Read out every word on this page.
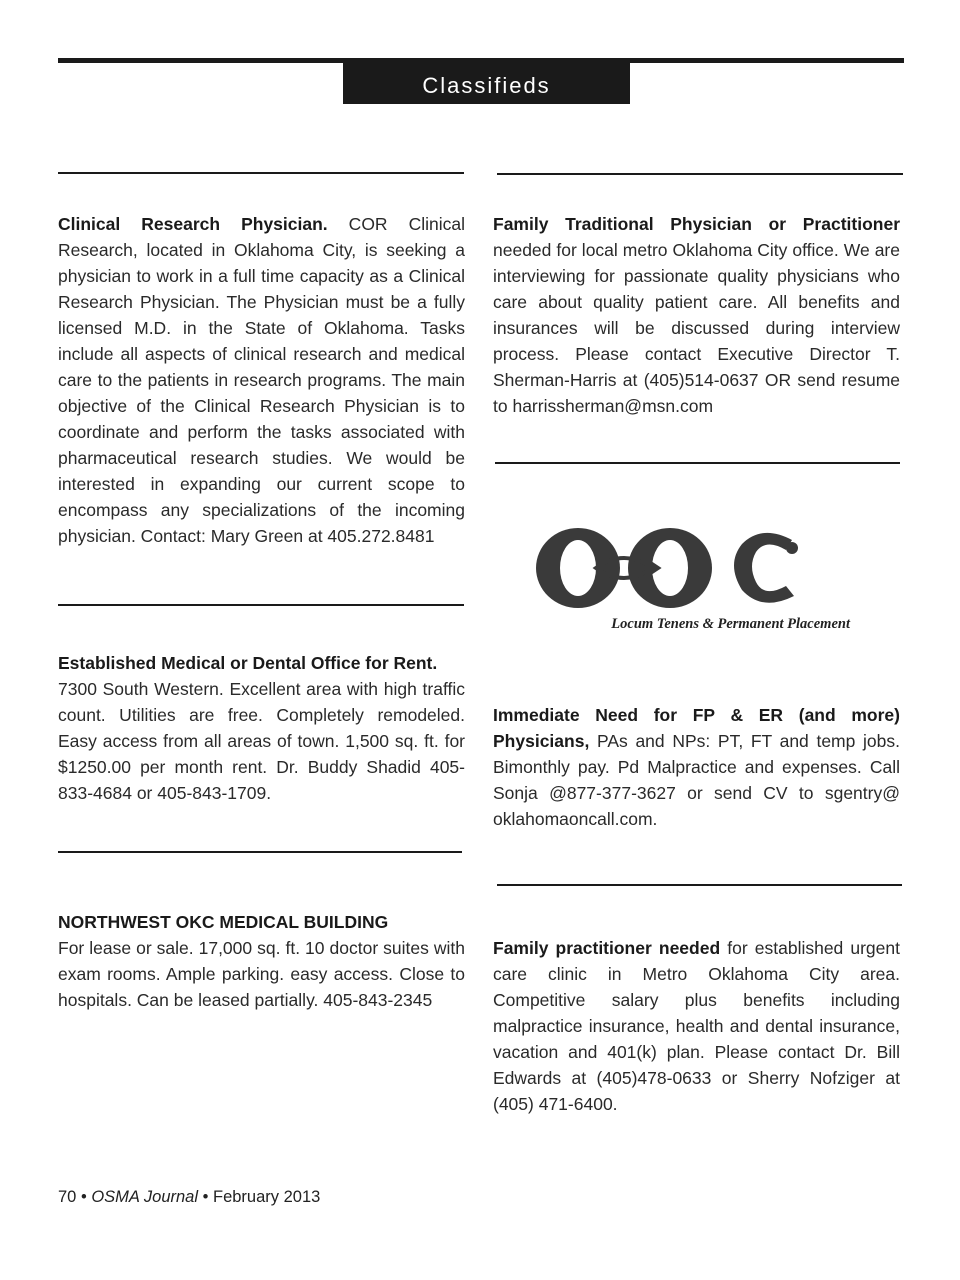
Classifieds
Clinical Research Physician. COR Clinical Research, located in Oklahoma City, is seeking a physician to work in a full time capacity as a Clinical Research Physician. The Physician must be a fully licensed M.D. in the State of Oklahoma. Tasks include all aspects of clinical research and medical care to the patients in research programs. The main objective of the Clinical Research Physician is to coordinate and perform the tasks associated with pharmaceutical research studies. We would be interested in expanding our current scope to encompass any specializations of the incoming physician. Contact: Mary Green at 405.272.8481
Established Medical or Dental Office for Rent.
7300 South Western. Excellent area with high traffic count. Utilities are free. Completely remodeled. Easy access from all areas of town. 1,500 sq. ft. for $1250.00 per month rent. Dr. Buddy Shadid 405-833-4684 or 405-843-1709.
NORTHWEST OKC MEDICAL BUILDING
For lease or sale. 17,000 sq. ft. 10 doctor suites with exam rooms. Ample parking. easy access. Close to hospitals. Can be leased partially. 405-843-2345
Family Traditional Physician or Practitioner needed for local metro Oklahoma City office. We are interviewing for passionate quality physicians who care about quality patient care. All benefits and insurances will be discussed during interview process. Please contact Executive Director T. Sherman-Harris at (405)514-0637 OR send resume to harrissherman@msn.com
Locum Tenens & Permanent Placement
Immediate Need for FP & ER (and more) Physicians, PAs and NPs: PT, FT and temp jobs. Bimonthly pay. Pd Malpractice and expenses. Call Sonja @877-377-3627 or send CV to sgentry@ oklahomaoncall.com.
Family practitioner needed for established urgent care clinic in Metro Oklahoma City area. Competitive salary plus benefits including malpractice insurance, health and dental insurance, vacation and 401(k) plan. Please contact Dr. Bill Edwards at (405)478-0633 or Sherry Nofziger at (405) 471-6400.
70 • OSMA Journal • February 2013
